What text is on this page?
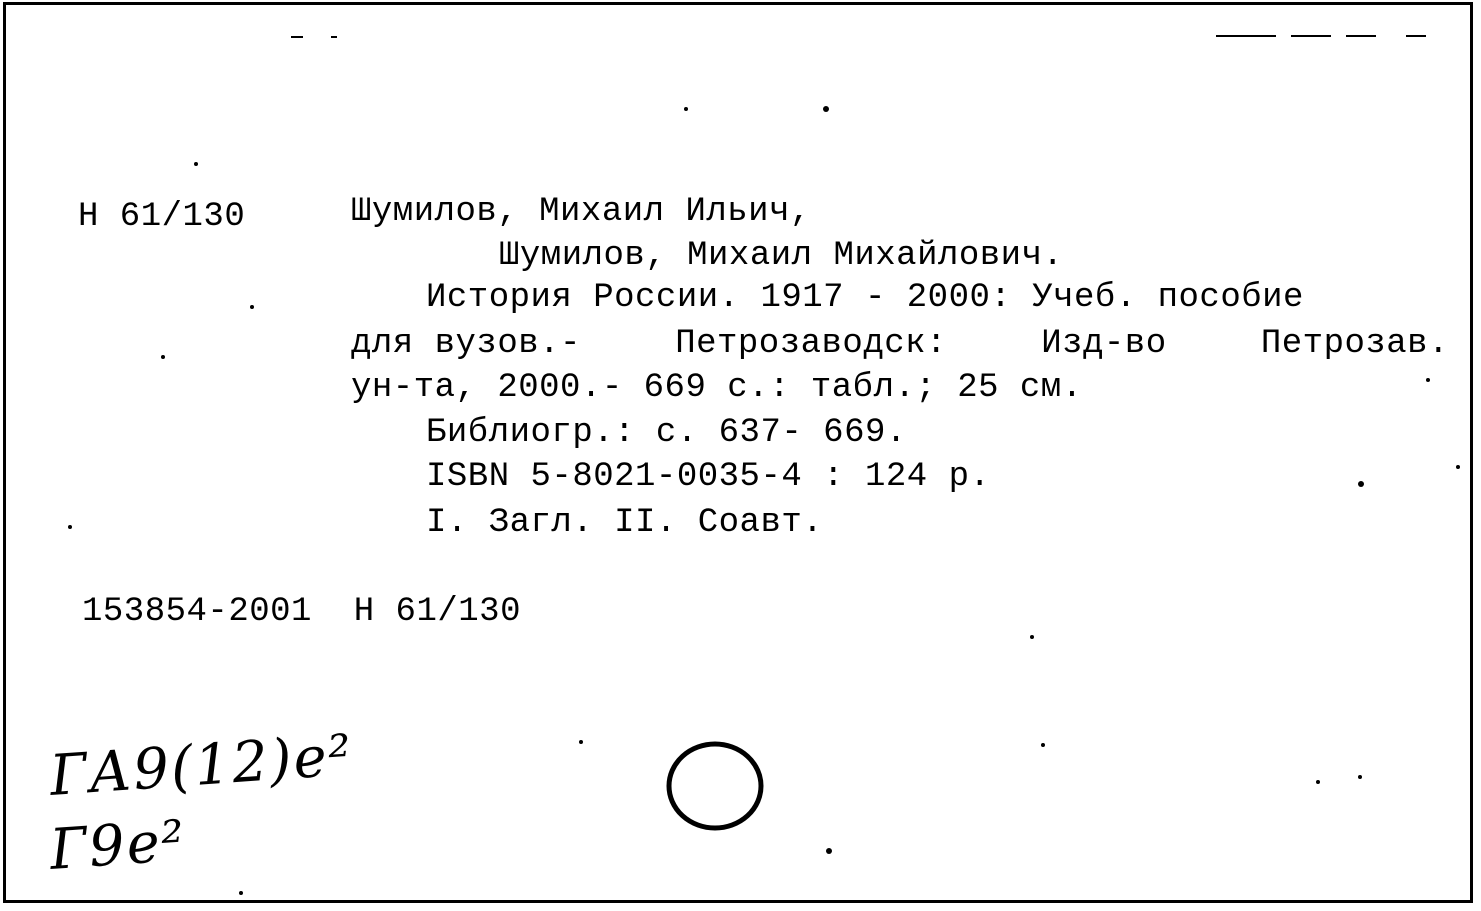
Н 61/130	Шумилов, Михаил Ильич,
Шумилов, Михаил Михайлович.
История России. 1917 - 2000: Учеб. пособие
для вузов.-	Петрозаводск:	Изд-во	Петрозав.
ун-та, 2000.- 669 с.: табл.; 25 см.
Библиогр.: с. 637- 669.
ISBN 5-8021-0035-4 : 124 р.
I. Загл. II. Соавт.
153854-2001  Н 61/130
ГА9(12)е²
Г9е²
